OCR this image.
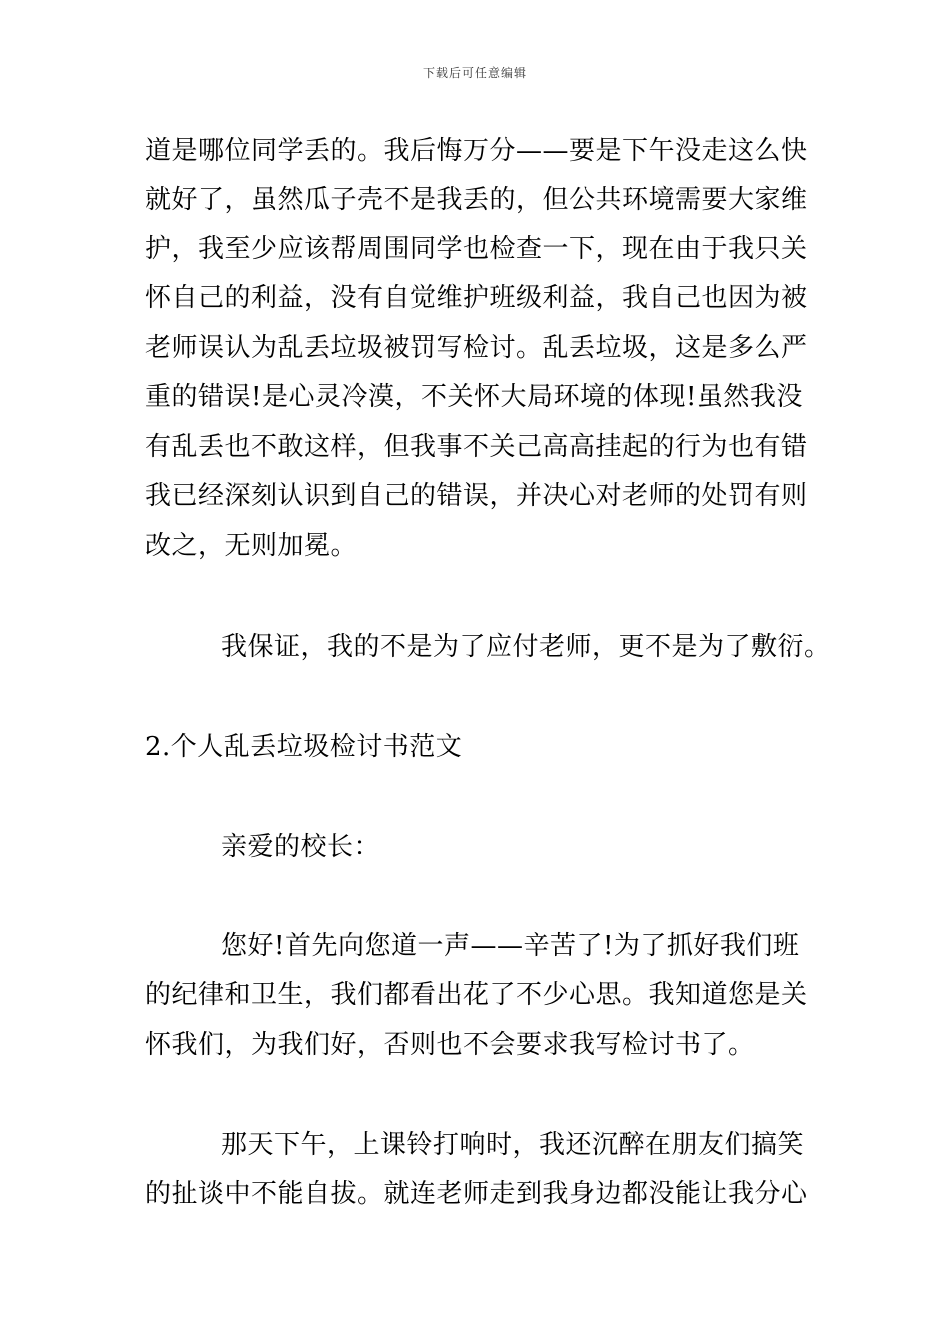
下载后可任意编辑
道是哪位同学丢的。我后悔万分——要是下午没走这么快
就好了，虽然瓜子壳不是我丢的，但公共环境需要大家维
护，我至少应该帮周围同学也检查一下，现在由于我只关
怀自己的利益，没有自觉维护班级利益，我自己也因为被
老师误认为乱丢垃圾被罚写检讨。乱丢垃圾，这是多么严
重的错误!是心灵冷漠，不关怀大局环境的体现!虽然我没
有乱丢也不敢这样，但我事不关己高高挂起的行为也有错
我已经深刻认识到自己的错误，并决心对老师的处罚有则
改之，无则加冕。
我保证，我的不是为了应付老师，更不是为了敷衍。
2.个人乱丢垃圾检讨书范文
亲爱的校长：
您好!首先向您道一声——辛苦了!为了抓好我们班
的纪律和卫生，我们都看出花了不少心思。我知道您是关
怀我们，为我们好，否则也不会要求我写检讨书了。
那天下午，上课铃打响时，我还沉醉在朋友们搞笑
的扯谈中不能自拔。就连老师走到我身边都没能让我分心
